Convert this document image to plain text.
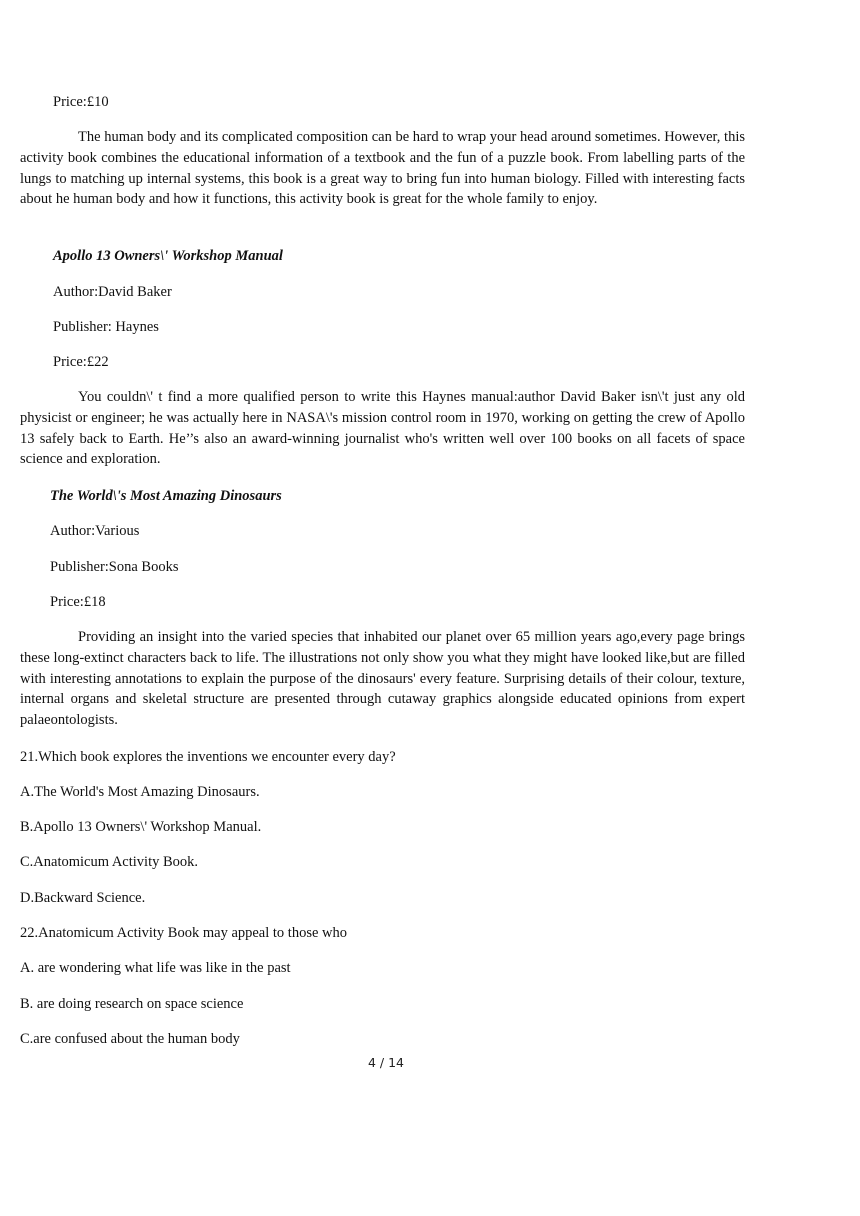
Price:£10
The human body and its complicated composition can be hard to wrap your head around sometimes. However, this activity book combines the educational information of a textbook and the fun of a puzzle book. From labelling parts of the lungs to matching up internal systems, this book is a great way to bring fun into human biology. Filled with interesting facts about he human body and how it functions, this activity book is great for the whole family to enjoy.
Apollo 13 Owners\' Workshop Manual
Author:David Baker
Publisher: Haynes
Price:£22
You couldn\' t find a more qualified person to write this Haynes manual:author David Baker isn\'t just any old physicist or engineer; he was actually here in NASA\'s mission control room in 1970, working on getting the crew of Apollo 13 safely back to Earth. He’’s also an award-winning journalist who's written well over 100 books on all facets of space science and exploration.
The World\'s Most Amazing Dinosaurs
Author:Various
Publisher:Sona Books
Price:£18
Providing an insight into the varied species that inhabited our planet over 65 million years ago,every page brings these long-extinct characters back to life. The illustrations not only show you what they might have looked like,but are filled with interesting annotations to explain the purpose of the dinosaurs' every feature. Surprising details of their colour, texture, internal organs and skeletal structure are presented through cutaway graphics alongside educated opinions from expert palaeontologists.
21.Which book explores the inventions we encounter every day?
A.The World's Most Amazing Dinosaurs.
B.Apollo 13 Owners\' Workshop Manual.
C.Anatomicum Activity Book.
D.Backward Science.
22.Anatomicum Activity Book may appeal to those who
A. are wondering what life was like in the past
B. are doing research on space science
C.are confused about the human body
4 / 14
